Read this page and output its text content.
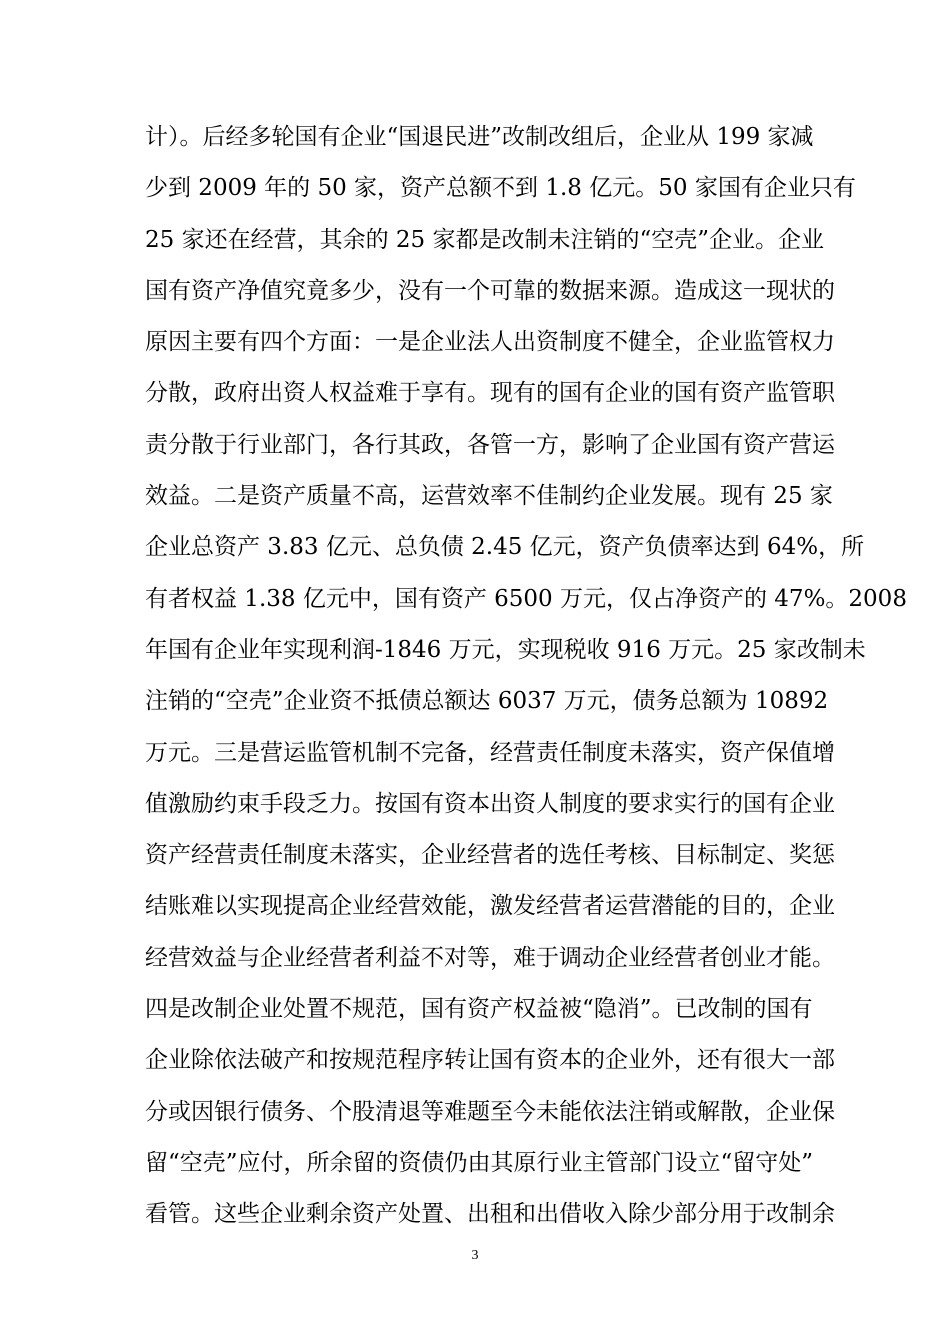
计）。后经多轮国有企业“国退民进”改制改组后，企业从 199 家减
少到 2009 年的 50 家，资产总额不到 1.8 亿元。50 家国有企业只有
25 家还在经营，其余的 25 家都是改制未注销的“空壳”企业。企业
国有资产净值究竟多少，没有一个可靠的数据来源。造成这一现状的
原因主要有四个方面：一是企业法人出资制度不健全，企业监管权力
分散，政府出资人权益难于享有。现有的国有企业的国有资产监管职
责分散于行业部门，各行其政，各管一方，影响了企业国有资产营运
效益。二是资产质量不高，运营效率不佳制约企业发展。现有 25 家
企业总资产 3.83 亿元、总负债 2.45 亿元，资产负债率达到 64%，所
有者权益 1.38 亿元中，国有资产 6500 万元，仅占净资产的 47%。2008
年国有企业年实现利润-1846 万元，实现税收 916 万元。25 家改制未
注销的“空壳”企业资不抵债总额达 6037 万元，债务总额为 10892
万元。三是营运监管机制不完备，经营责任制度未落实，资产保值增
值激励约束手段乏力。按国有资本出资人制度的要求实行的国有企业
资产经营责任制度未落实，企业经营者的选任考核、目标制定、奖惩
结账难以实现提高企业经营效能，激发经营者运营潜能的目的，企业
经营效益与企业经营者利益不对等，难于调动企业经营者创业才能。
四是改制企业处置不规范，国有资产权益被“隐消”。已改制的国有
企业除依法破产和按规范程序转让国有资本的企业外，还有很大一部
分或因银行债务、个股清退等难题至今未能依法注销或解散，企业保
留“空壳”应付，所余留的资债仍由其原行业主管部门设立“留守处”
看管。这些企业剩余资产处置、出租和出借收入除少部分用于改制余
3
